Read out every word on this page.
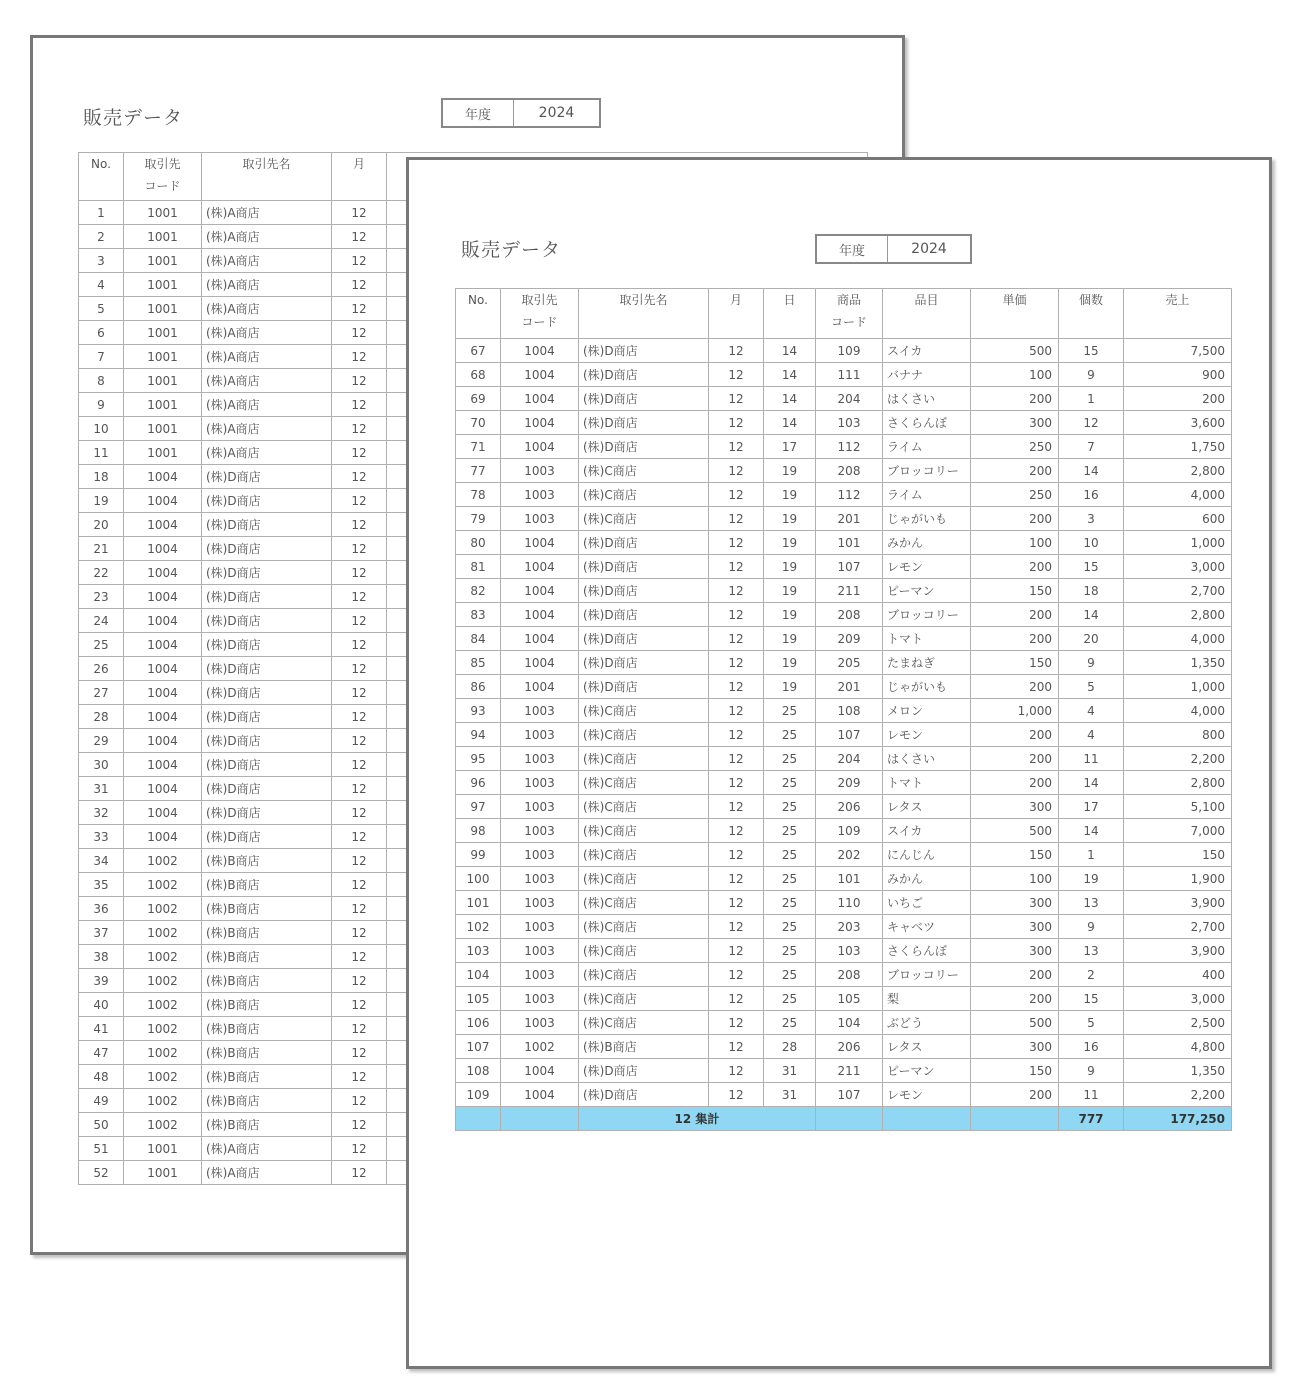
販売データ	年度	2024
No.	取引先
コード	取引先名	月	
1	1001	(株)A商店	12	
2	1001	(株)A商店	12	
3	1001	(株)A商店	12	
4	1001	(株)A商店	12	
5	1001	(株)A商店	12	
6	1001	(株)A商店	12	
7	1001	(株)A商店	12	
8	1001	(株)A商店	12	
9	1001	(株)A商店	12	
10	1001	(株)A商店	12	
11	1001	(株)A商店	12	
18	1004	(株)D商店	12	
19	1004	(株)D商店	12	
20	1004	(株)D商店	12	
21	1004	(株)D商店	12	
22	1004	(株)D商店	12	
23	1004	(株)D商店	12	
24	1004	(株)D商店	12	
25	1004	(株)D商店	12	
26	1004	(株)D商店	12	
27	1004	(株)D商店	12	
28	1004	(株)D商店	12	
29	1004	(株)D商店	12	
30	1004	(株)D商店	12	
31	1004	(株)D商店	12	
32	1004	(株)D商店	12	
33	1004	(株)D商店	12	
34	1002	(株)B商店	12	
35	1002	(株)B商店	12	
36	1002	(株)B商店	12	
37	1002	(株)B商店	12	
38	1002	(株)B商店	12	
39	1002	(株)B商店	12	
40	1002	(株)B商店	12	
41	1002	(株)B商店	12	
47	1002	(株)B商店	12	
48	1002	(株)B商店	12	
49	1002	(株)B商店	12	
50	1002	(株)B商店	12	
51	1001	(株)A商店	12	
52	1001	(株)A商店	12	
販売データ	年度	2024
No.	取引先
コード	取引先名	月	日	商品
コード	品目	単価	個数	売上
67	1004	(株)D商店	12	14	109	スイカ	500	15	7,500
68	1004	(株)D商店	12	14	111	バナナ	100	9	900
69	1004	(株)D商店	12	14	204	はくさい	200	1	200
70	1004	(株)D商店	12	14	103	さくらんぼ	300	12	3,600
71	1004	(株)D商店	12	17	112	ライム	250	7	1,750
77	1003	(株)C商店	12	19	208	ブロッコリー	200	14	2,800
78	1003	(株)C商店	12	19	112	ライム	250	16	4,000
79	1003	(株)C商店	12	19	201	じゃがいも	200	3	600
80	1004	(株)D商店	12	19	101	みかん	100	10	1,000
81	1004	(株)D商店	12	19	107	レモン	200	15	3,000
82	1004	(株)D商店	12	19	211	ピーマン	150	18	2,700
83	1004	(株)D商店	12	19	208	ブロッコリー	200	14	2,800
84	1004	(株)D商店	12	19	209	トマト	200	20	4,000
85	1004	(株)D商店	12	19	205	たまねぎ	150	9	1,350
86	1004	(株)D商店	12	19	201	じゃがいも	200	5	1,000
93	1003	(株)C商店	12	25	108	メロン	1,000	4	4,000
94	1003	(株)C商店	12	25	107	レモン	200	4	800
95	1003	(株)C商店	12	25	204	はくさい	200	11	2,200
96	1003	(株)C商店	12	25	209	トマト	200	14	2,800
97	1003	(株)C商店	12	25	206	レタス	300	17	5,100
98	1003	(株)C商店	12	25	109	スイカ	500	14	7,000
99	1003	(株)C商店	12	25	202	にんじん	150	1	150
100	1003	(株)C商店	12	25	101	みかん	100	19	1,900
101	1003	(株)C商店	12	25	110	いちご	300	13	3,900
102	1003	(株)C商店	12	25	203	キャベツ	300	9	2,700
103	1003	(株)C商店	12	25	103	さくらんぼ	300	13	3,900
104	1003	(株)C商店	12	25	208	ブロッコリー	200	2	400
105	1003	(株)C商店	12	25	105	梨	200	15	3,000
106	1003	(株)C商店	12	25	104	ぶどう	500	5	2,500
107	1002	(株)B商店	12	28	206	レタス	300	16	4,800
108	1004	(株)D商店	12	31	211	ピーマン	150	9	1,350
109	1004	(株)D商店	12	31	107	レモン	200	11	2,200
		12 集計						777	177,250
